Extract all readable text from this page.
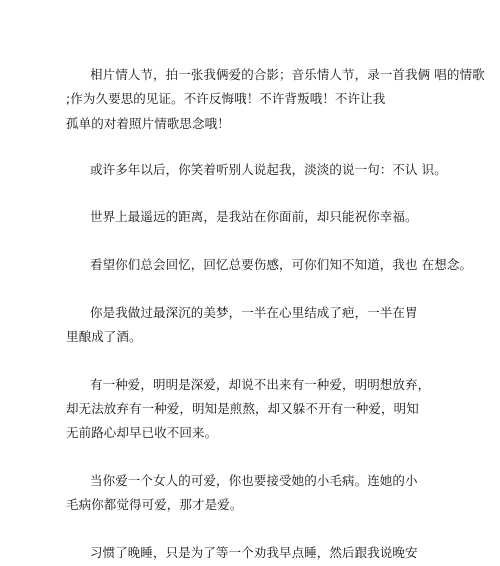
相片情人节，拍一张我俩爱的合影；音乐情人节，录一首我俩 唱的情歌
;作为久要思的见证。不许反悔哦！不许背叛哦！不许让我
孤单的对着照片情歌思念哦！
或许多年以后，你笑着听别人说起我，淡淡的说一句：不认 识。
世界上最遥远的距离，是我站在你面前，却只能祝你幸福。
看望你们总会回忆，回忆总要伤感，可你们知不知道，我也 在想念。
你是我做过最深沉的美梦，一半在心里结成了疤，一半在胃
里酿成了酒。
有一种爱，明明是深爱，却说不出来有一种爱，明明想放弃，
却无法放弃有一种爱，明知是煎熬，却又躲不开有一种爱，明知
无前路心却早已收不回来。
当你爱一个女人的可爱，你也要接受她的小毛病。连她的小
毛病你都觉得可爱，那才是爱。
习惯了晚睡，只是为了等一个劝我早点睡，然后跟我说晚安
